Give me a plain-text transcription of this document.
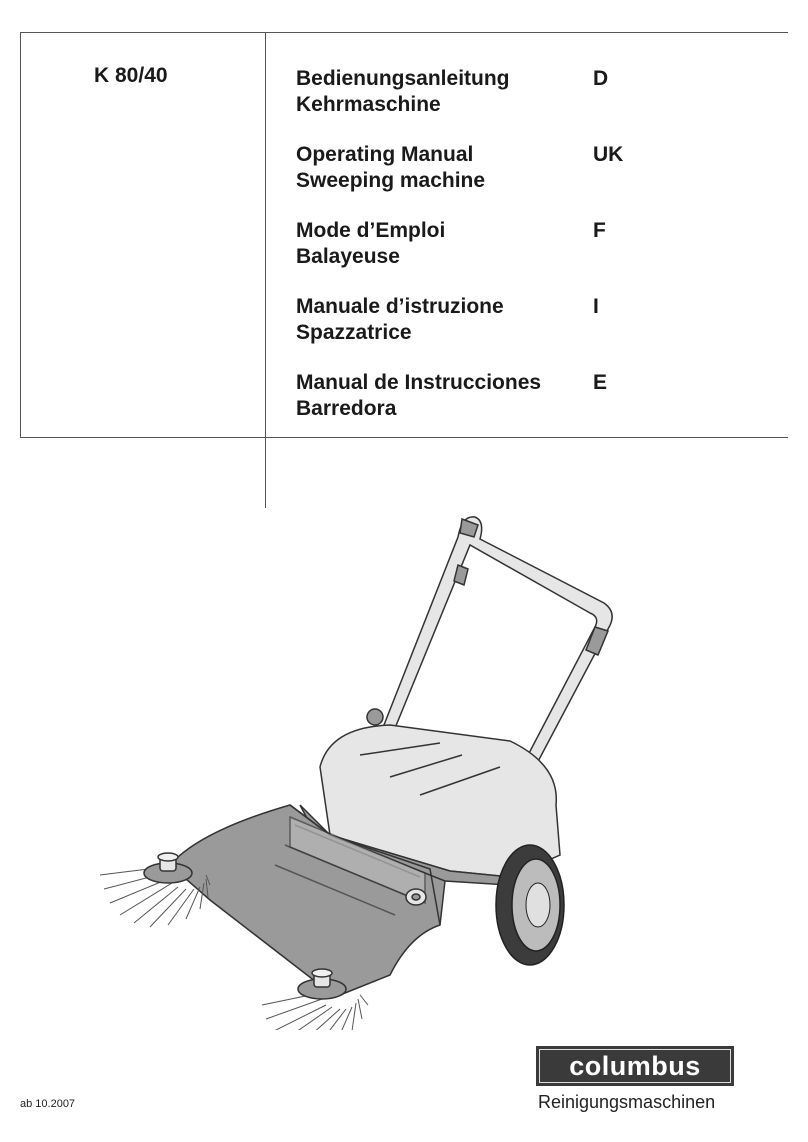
K 80/40	Bedienungsanleitung
Kehrmaschine
D
Operating Manual
Sweeping machine
UK
Mode d’Emploi
Balayeuse
F
Manuale d’istruzione
Spazzatrice
I
Manual de Instrucciones
Barredora
E
columbus
Reinigungsmaschinen
ab 10.2007
